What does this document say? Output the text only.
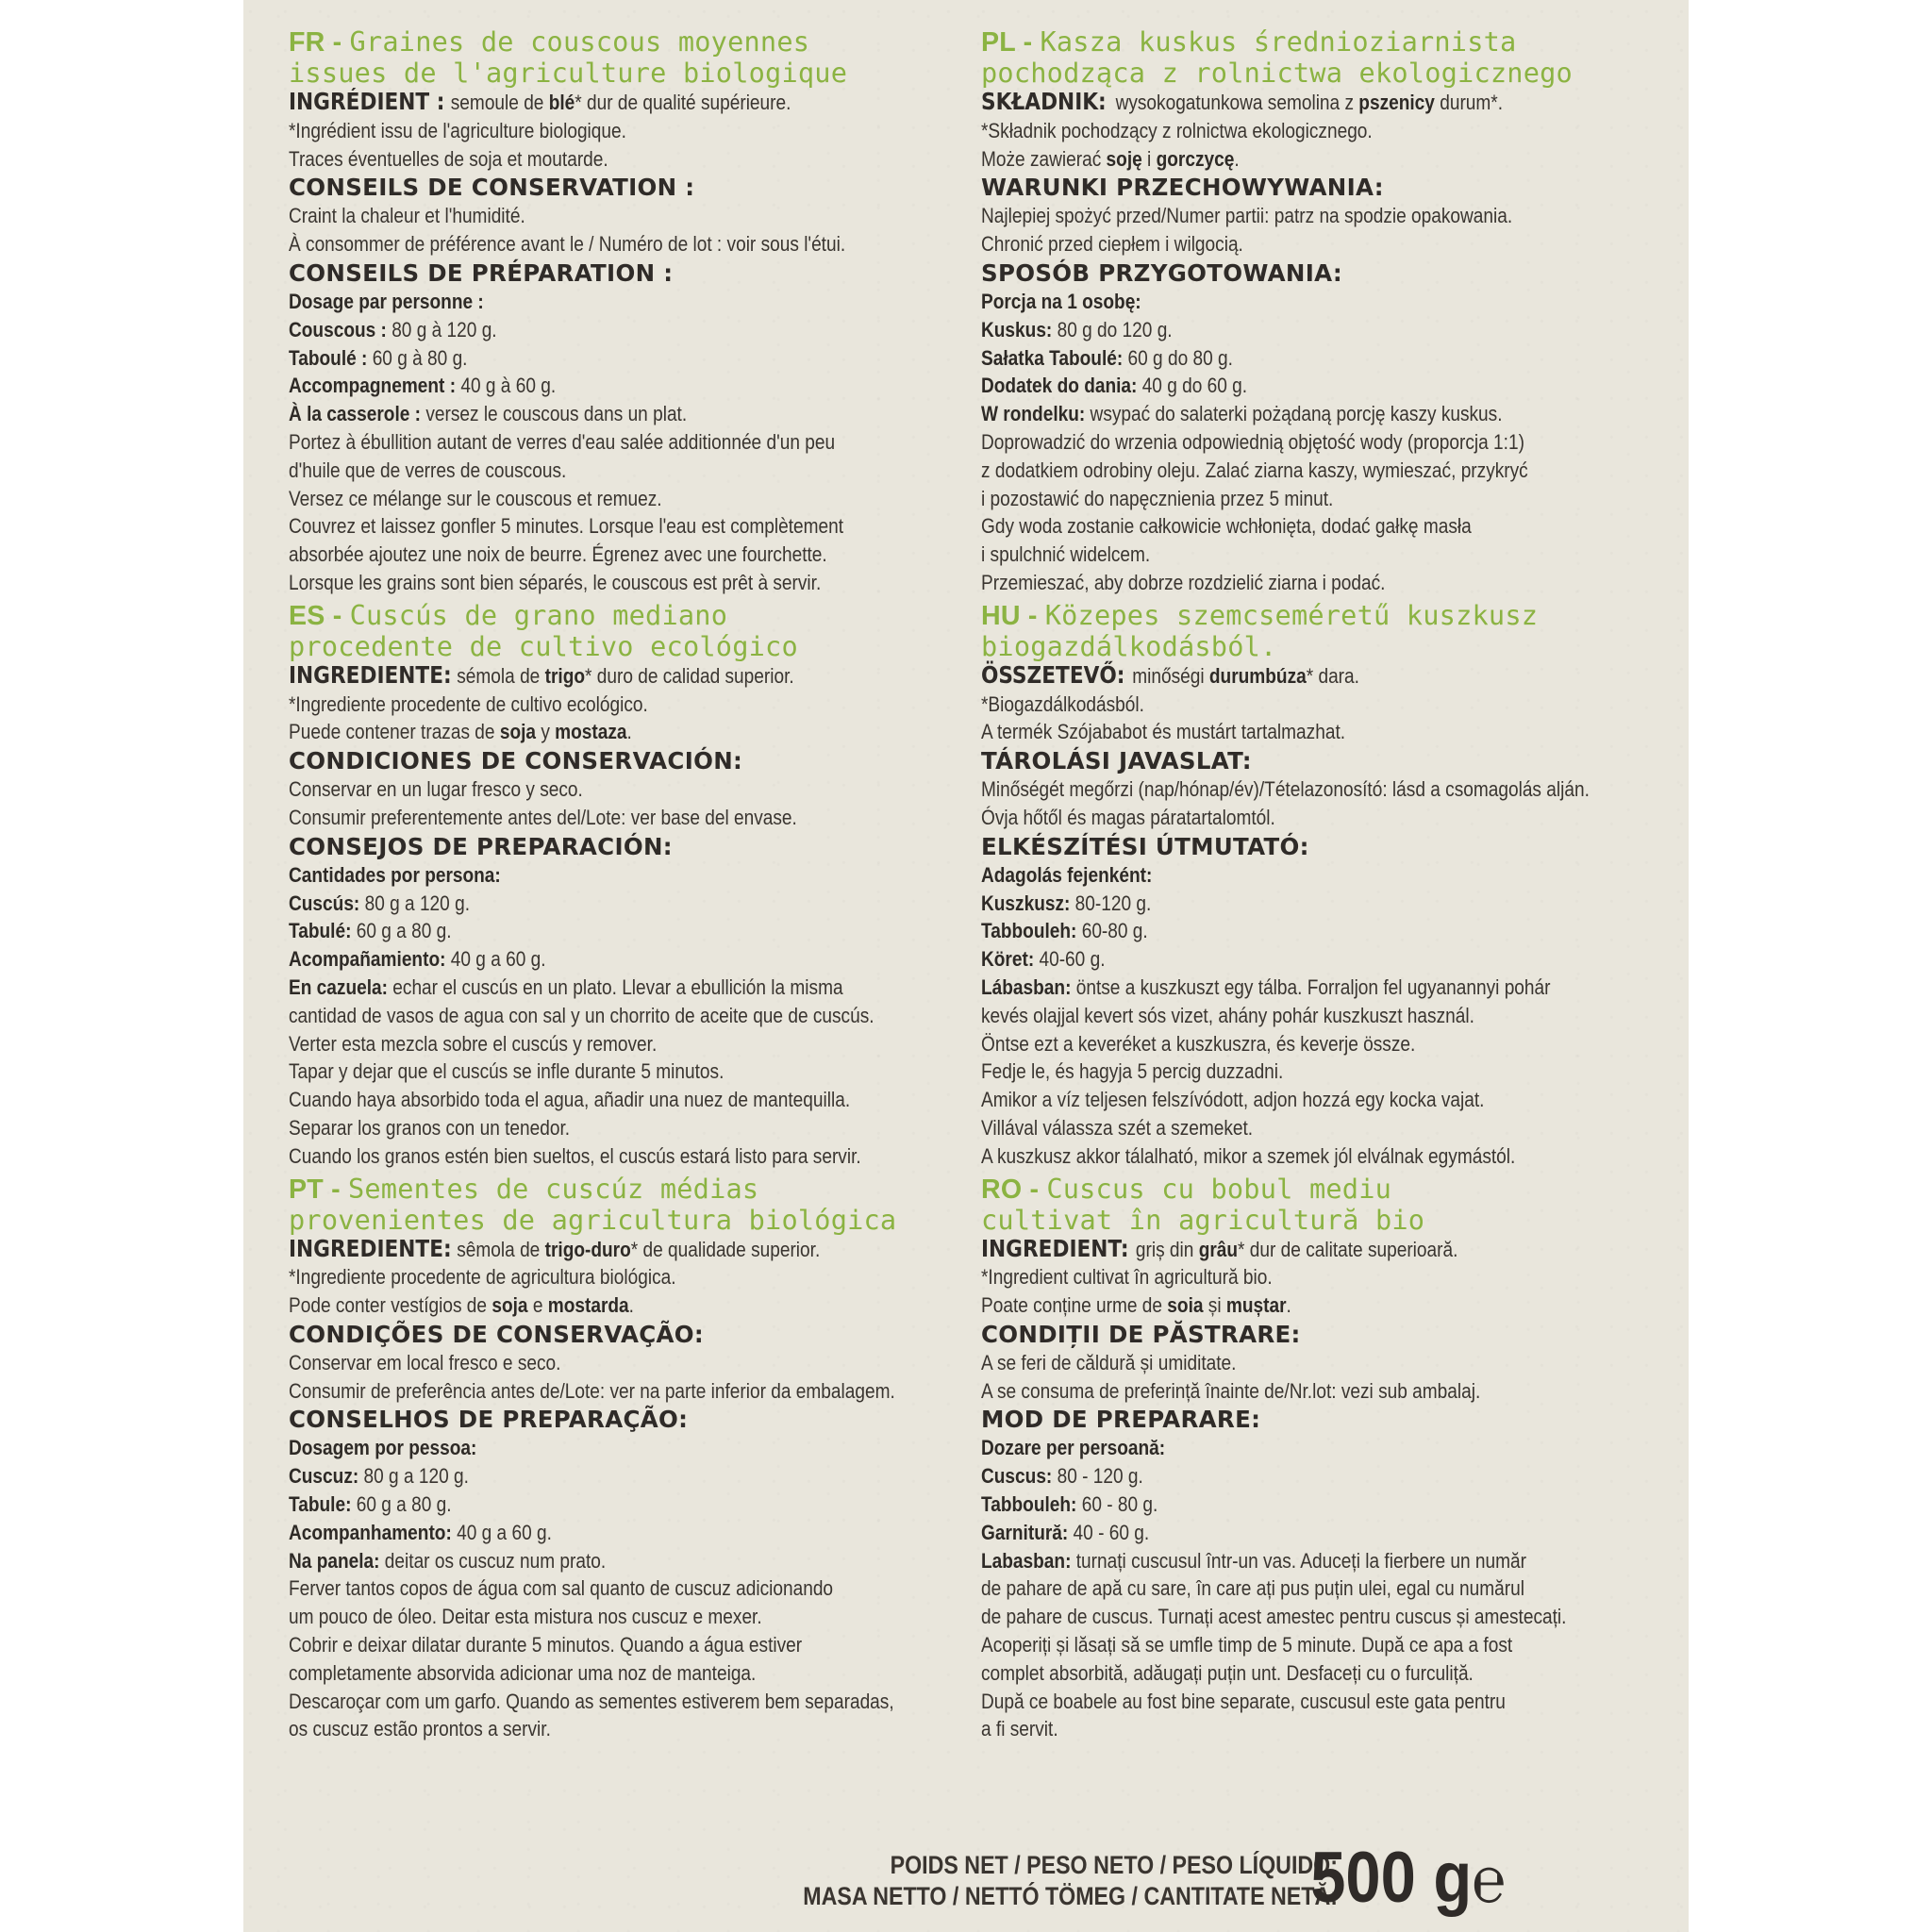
FR - Graines de couscous moyennes
issues de l'agriculture biologique
INGRÉDIENT :semoule de blé* dur de qualité supérieure.
*Ingrédient issu de l'agriculture biologique.
Traces éventuelles de soja et moutarde.
CONSEILS DE CONSERVATION :
Craint la chaleur et l'humidité.
À consommer de préférence avant le / Numéro de lot : voir sous l'étui.
CONSEILS DE PRÉPARATION :
Dosage par personne :
Couscous : 80 g à 120 g.
Taboulé : 60 g à 80 g.
Accompagnement : 40 g à 60 g.
À la casserole : versez le couscous dans un plat.
Portez à ébullition autant de verres d'eau salée additionnée d'un peu
d'huile que de verres de couscous.
Versez ce mélange sur le couscous et remuez.
Couvrez et laissez gonfler 5 minutes. Lorsque l'eau est complètement
absorbée ajoutez une noix de beurre. Égrenez avec une fourchette.
Lorsque les grains sont bien séparés, le couscous est prêt à servir.
ES - Cuscús de grano mediano
procedente de cultivo ecológico
INGREDIENTE:sémola de trigo* duro de calidad superior.
*Ingrediente procedente de cultivo ecológico.
Puede contener trazas de soja y mostaza.
CONDICIONES DE CONSERVACIÓN:
Conservar en un lugar fresco y seco.
Consumir preferentemente antes del/Lote: ver base del envase.
CONSEJOS DE PREPARACIÓN:
Cantidades por persona:
Cuscús: 80 g a 120 g.
Tabulé: 60 g a 80 g.
Acompañamiento: 40 g a 60 g.
En cazuela: echar el cuscús en un plato. Llevar a ebullición la misma
cantidad de vasos de agua con sal y un chorrito de aceite que de cuscús.
Verter esta mezcla sobre el cuscús y remover.
Tapar y dejar que el cuscús se infle durante 5 minutos.
Cuando haya absorbido toda el agua, añadir una nuez de mantequilla.
Separar los granos con un tenedor.
Cuando los granos estén bien sueltos, el cuscús estará listo para servir.
PT - Sementes de cuscúz médias
provenientes de agricultura biológica
INGREDIENTE:sêmola de trigo-duro* de qualidade superior.
*Ingrediente procedente de agricultura biológica.
Pode conter vestígios de soja e mostarda.
CONDIÇÕES DE CONSERVAÇÃO:
Conservar em local fresco e seco.
Consumir de preferência antes de/Lote: ver na parte inferior da embalagem.
CONSELHOS DE PREPARAÇÃO:
Dosagem por pessoa:
Cuscuz: 80 g a 120 g.
Tabule: 60 g a 80 g.
Acompanhamento: 40 g a 60 g.
Na panela: deitar os cuscuz num prato.
Ferver tantos copos de água com sal quanto de cuscuz adicionando
um pouco de óleo. Deitar esta mistura nos cuscuz e mexer.
Cobrir e deixar dilatar durante 5 minutos. Quando a água estiver
completamente absorvida adicionar uma noz de manteiga.
Descaroçar com um garfo. Quando as sementes estiverem bem separadas,
os cuscuz estão prontos a servir.
PL - Kasza kuskus średnioziarnista
pochodząca z rolnictwa ekologicznego
SKŁADNIK:wysokogatunkowa semolina z pszenicy durum*.
*Składnik pochodzący z rolnictwa ekologicznego.
Może zawierać soję i gorczycę.
WARUNKI PRZECHOWYWANIA:
Najlepiej spożyć przed/Numer partii: patrz na spodzie opakowania.
Chronić przed ciepłem i wilgocią.
SPOSÓB PRZYGOTOWANIA:
Porcja na 1 osobę:
Kuskus: 80 g do 120 g.
Sałatka Taboulé: 60 g do 80 g.
Dodatek do dania: 40 g do 60 g.
W rondelku: wsypać do salaterki pożądaną porcję kaszy kuskus.
Doprowadzić do wrzenia odpowiednią objętość wody (proporcja 1:1)
z dodatkiem odrobiny oleju. Zalać ziarna kaszy, wymieszać, przykryć
i pozostawić do napęcznienia przez 5 minut.
Gdy woda zostanie całkowicie wchłonięta, dodać gałkę masła
i spulchnić widelcem.
Przemieszać, aby dobrze rozdzielić ziarna i podać.
HU - Közepes szemcseméretű kuszkusz
biogazdálkodásból.
ÖSSZETEVŐ:minőségi durumbúza* dara.
*Biogazdálkodásból.
A termék Szójababot és mustárt tartalmazhat.
TÁROLÁSI JAVASLAT:
Minőségét megőrzi (nap/hónap/év)/Tételazonosító: lásd a csomagolás alján.
Óvja hőtől és magas páratartalomtól.
ELKÉSZÍTÉSI ÚTMUTATÓ:
Adagolás fejenként:
Kuszkusz: 80-120 g.
Tabbouleh: 60-80 g.
Köret: 40-60 g.
Lábasban: öntse a kuszkuszt egy tálba. Forraljon fel ugyanannyi pohár
kevés olajjal kevert sós vizet, ahány pohár kuszkuszt használ.
Öntse ezt a keveréket a kuszkuszra, és keverje össze.
Fedje le, és hagyja 5 percig duzzadni.
Amikor a víz teljesen felszívódott, adjon hozzá egy kocka vajat.
Villával válassza szét a szemeket.
A kuszkusz akkor tálalható, mikor a szemek jól elválnak egymástól.
RO - Cuscus cu bobul mediu
cultivat în agricultură bio
INGREDIENT:griș din grâu* dur de calitate superioară.
*Ingredient cultivat în agricultură bio.
Poate conține urme de soia și muștar.
CONDIȚII DE PĂSTRARE:
A se feri de căldură și umiditate.
A se consuma de preferință înainte de/Nr.lot: vezi sub ambalaj.
MOD DE PREPARARE:
Dozare per persoană:
Cuscus: 80 - 120 g.
Tabbouleh: 60 - 80 g.
Garnitură: 40 - 60 g.
Labasban: turnați cuscusul într-un vas. Aduceți la fierbere un număr
de pahare de apă cu sare, în care ați pus puțin ulei, egal cu numărul
de pahare de cuscus. Turnați acest amestec pentru cuscus și amestecați.
Acoperiți și lăsați să se umfle timp de 5 minute. După ce apa a fost
complet absorbită, adăugați puțin unt. Desfaceți cu o furculiță.
După ce boabele au fost bine separate, cuscusul este gata pentru
a fi servit.
POIDS NET / PESO NETO / PESO LÍQUIDO:
MASA NETTO / NETTÓ TÖMEG / CANTITATE NETĂ:
500 g℮
